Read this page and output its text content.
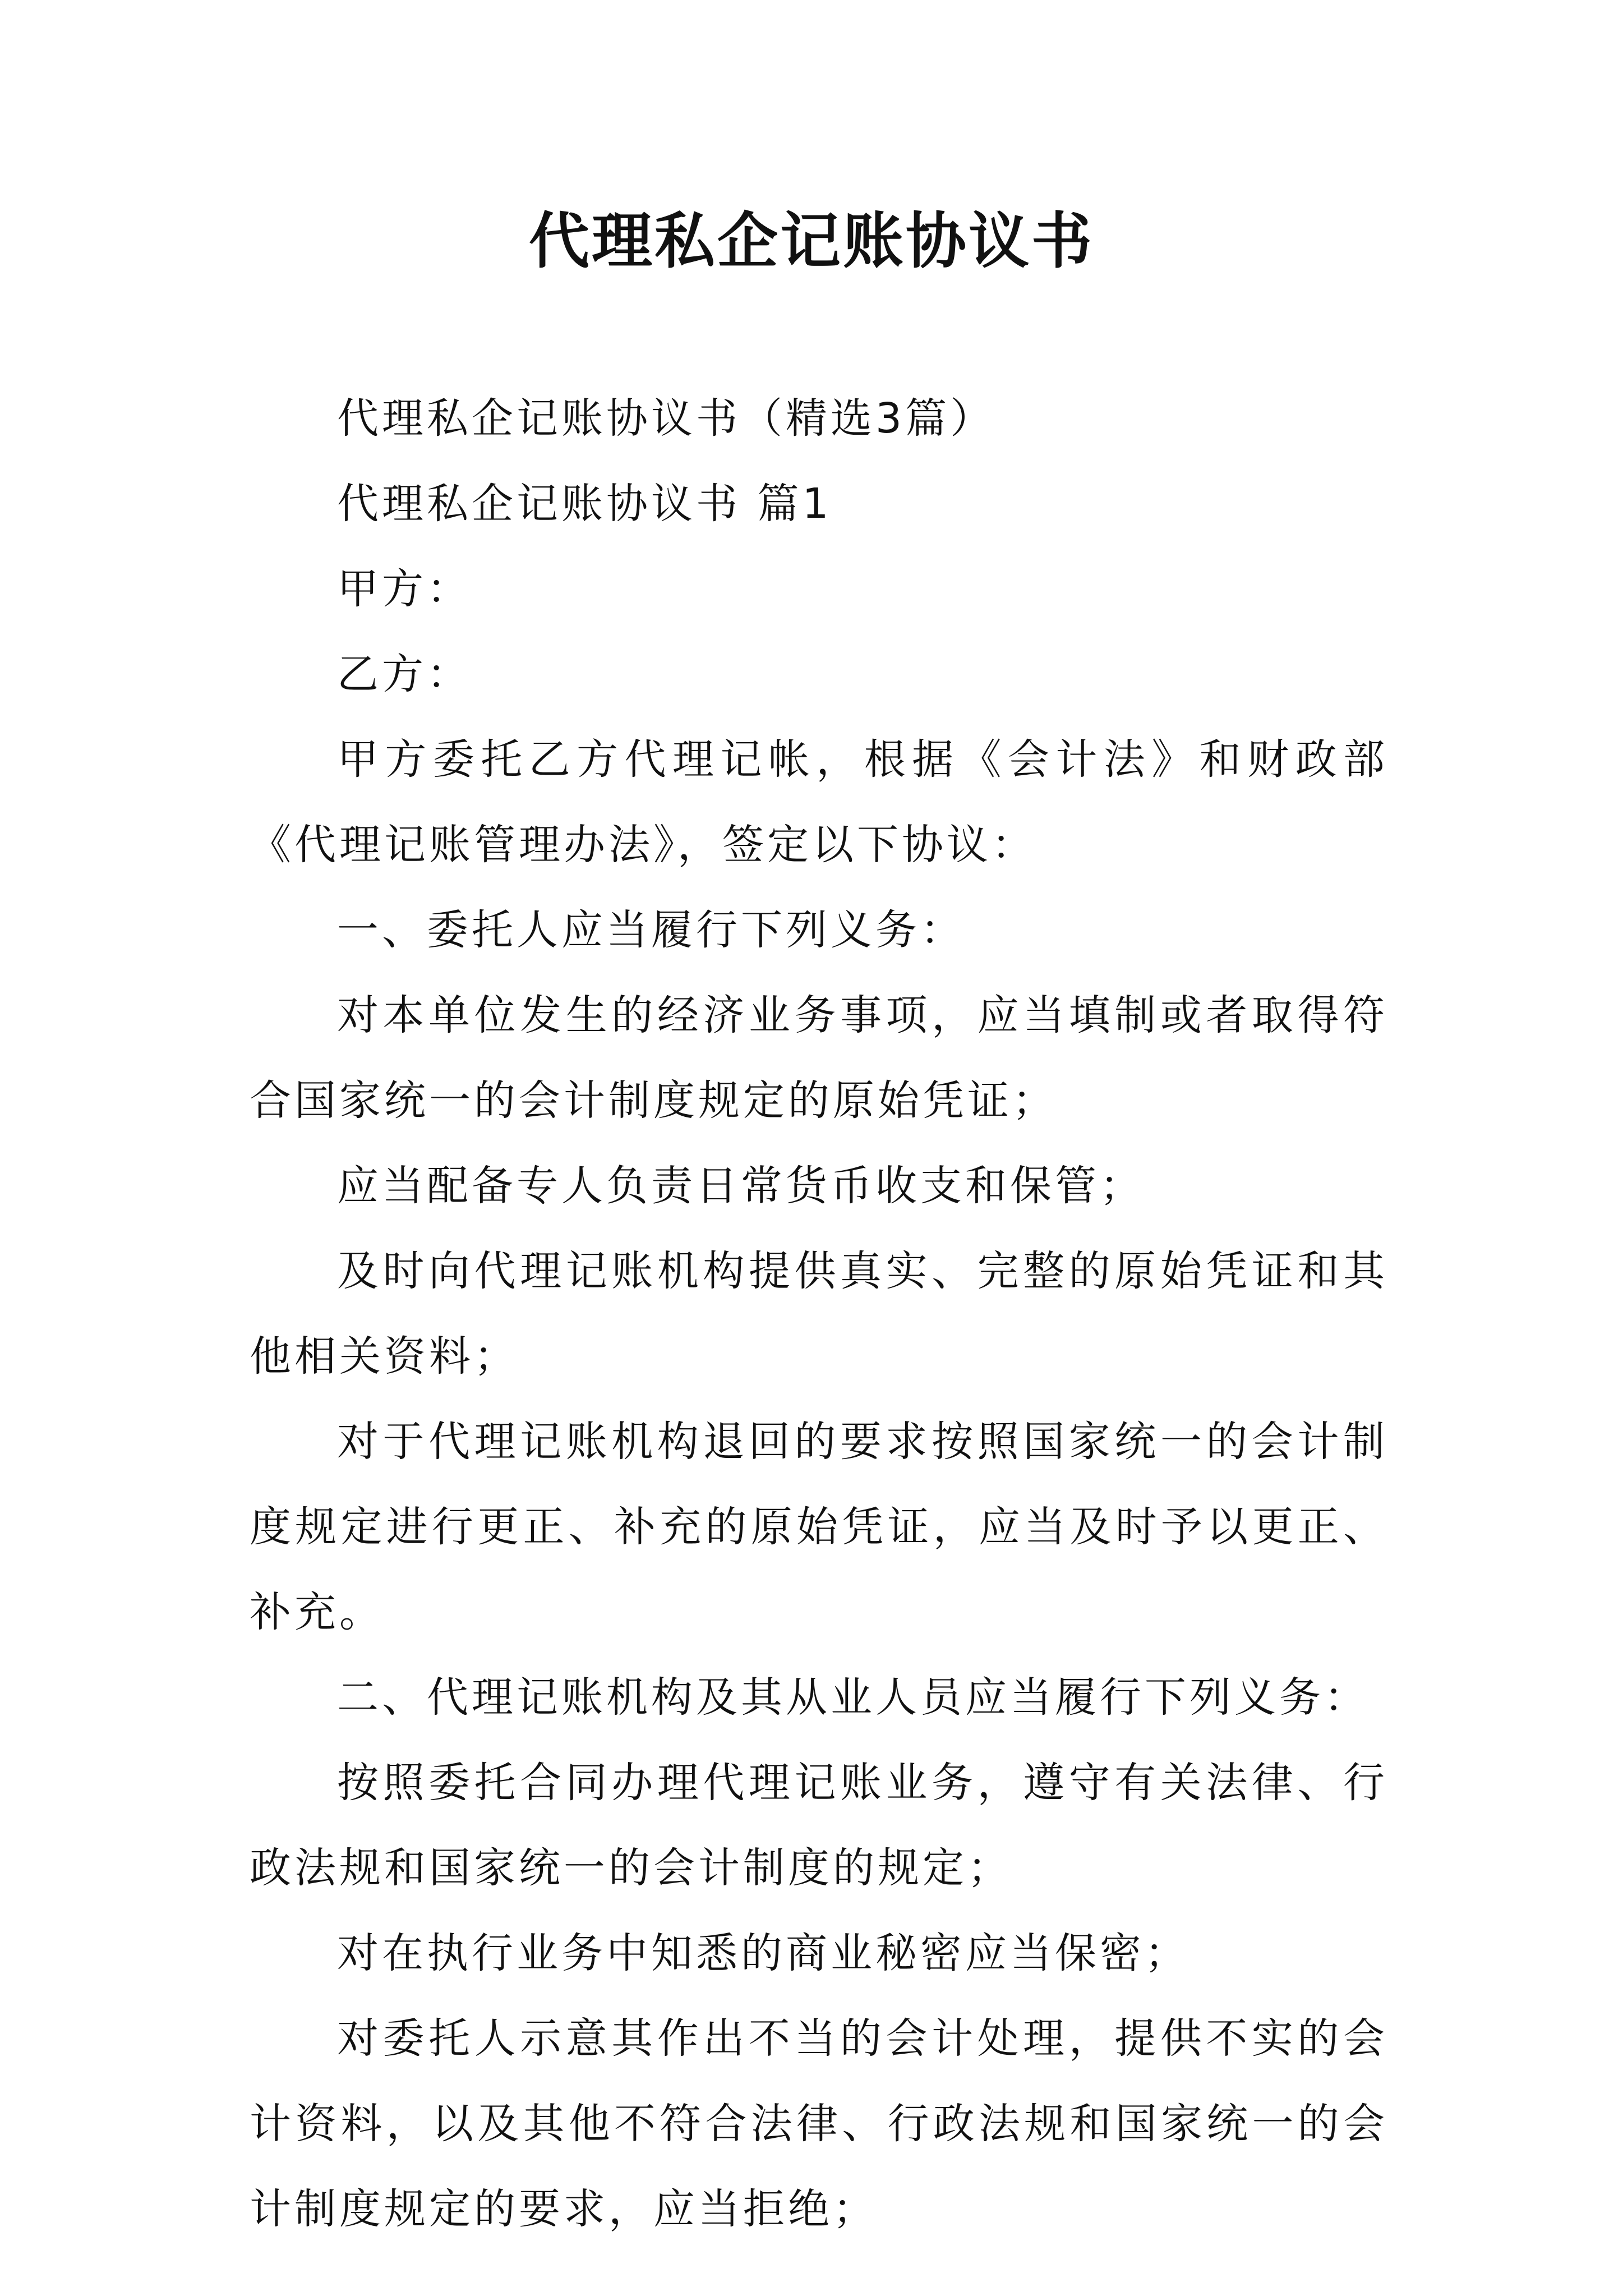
代理私企记账协议书

代理私企记账协议书（精选3篇）

代理私企记账协议书 篇1

甲方：

乙方：

甲方委托乙方代理记帐，根据《会计法》和财政部《代理记账管理办法》，签定以下协议：

一、委托人应当履行下列义务：

对本单位发生的经济业务事项，应当填制或者取得符合国家统一的会计制度规定的原始凭证；

应当配备专人负责日常货币收支和保管；

及时向代理记账机构提供真实、完整的原始凭证和其他相关资料；

对于代理记账机构退回的要求按照国家统一的会计制度规定进行更正、补充的原始凭证，应当及时予以更正、补充。

二、代理记账机构及其从业人员应当履行下列义务：

按照委托合同办理代理记账业务，遵守有关法律、行政法规和国家统一的会计制度的规定；

对在执行业务中知悉的商业秘密应当保密；

对委托人示意其作出不当的会计处理，提供不实的会计资料，以及其他不符合法律、行政法规和国家统一的会计制度规定的要求，应当拒绝；
